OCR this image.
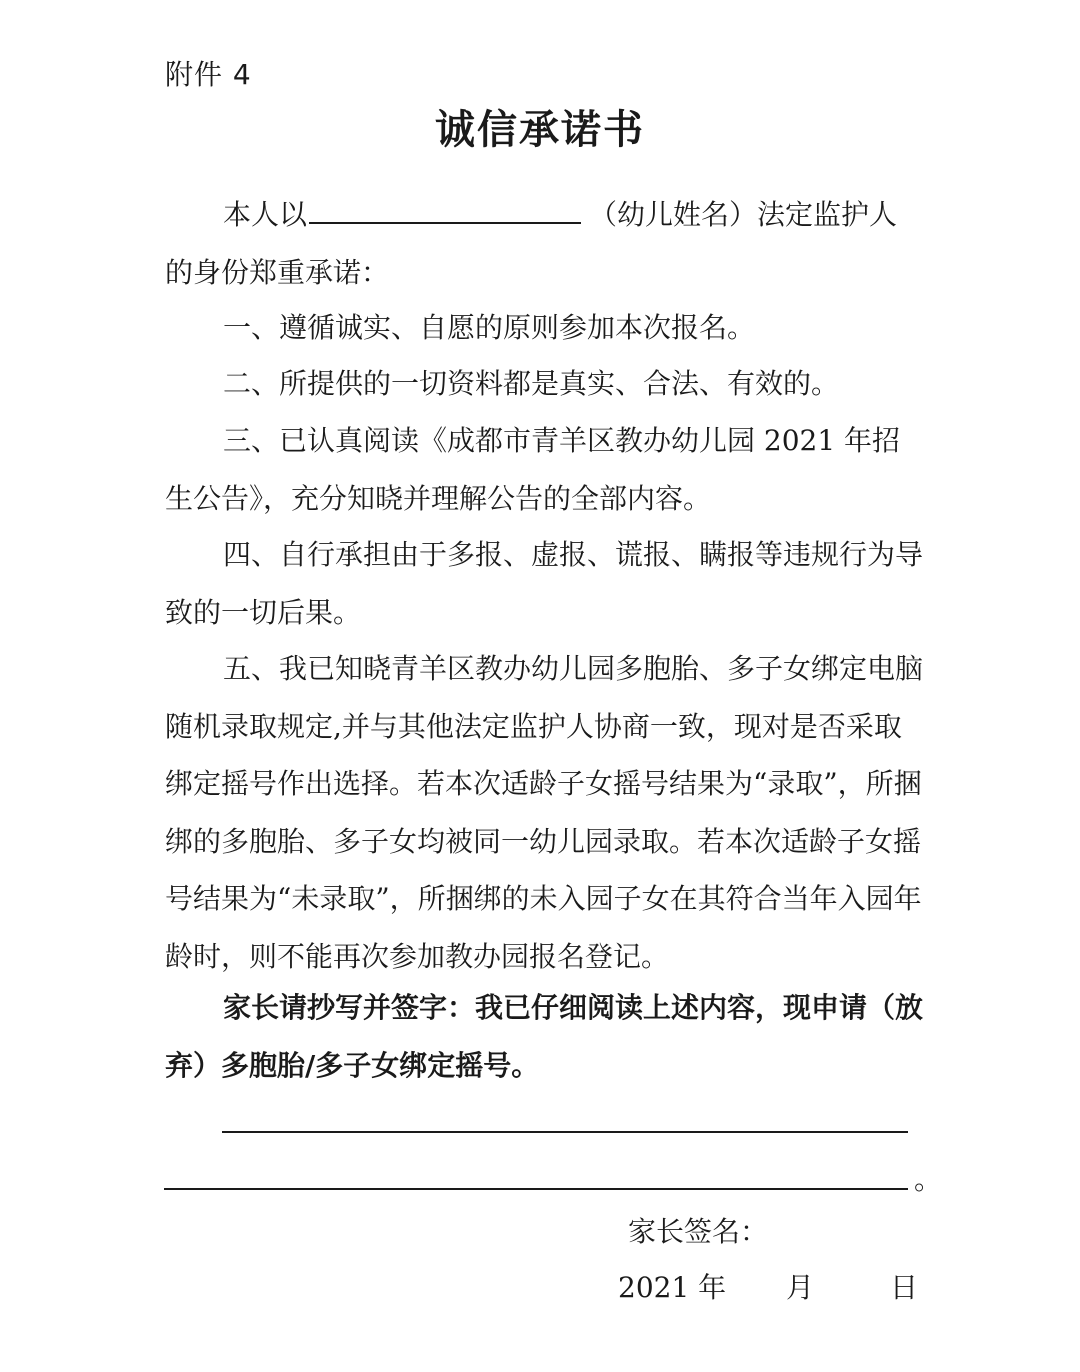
附件 4
诚信承诺书

本人以	（幼儿姓名）法定监护人的身份郑重承诺：

一、遵循诚实、自愿的原则参加本次报名。

二、所提供的一切资料都是真实、合法、有效的。

三、已认真阅读《成都市青羊区教办幼儿园 2021 年招生公告》，充分知晓并理解公告的全部内容。

四、自行承担由于多报、虚报、谎报、瞒报等违规行为导致的一切后果。

五、我已知晓青羊区教办幼儿园多胞胎、多子女绑定电脑随机录取规定,并与其他法定监护人协商一致，现对是否采取绑定摇号作出选择。若本次适龄子女摇号结果为“录取”，所捆绑的多胞胎、多子女均被同一幼儿园录取。若本次适龄子女摇号结果为“未录取”，所捆绑的未入园子女在其符合当年入园年龄时，则不能再次参加教办园报名登记。

家长请抄写并签字：我已仔细阅读上述内容，现申请（放弃）多胞胎/多子女绑定摇号。

。
家长签名：
2021 年 月	日
